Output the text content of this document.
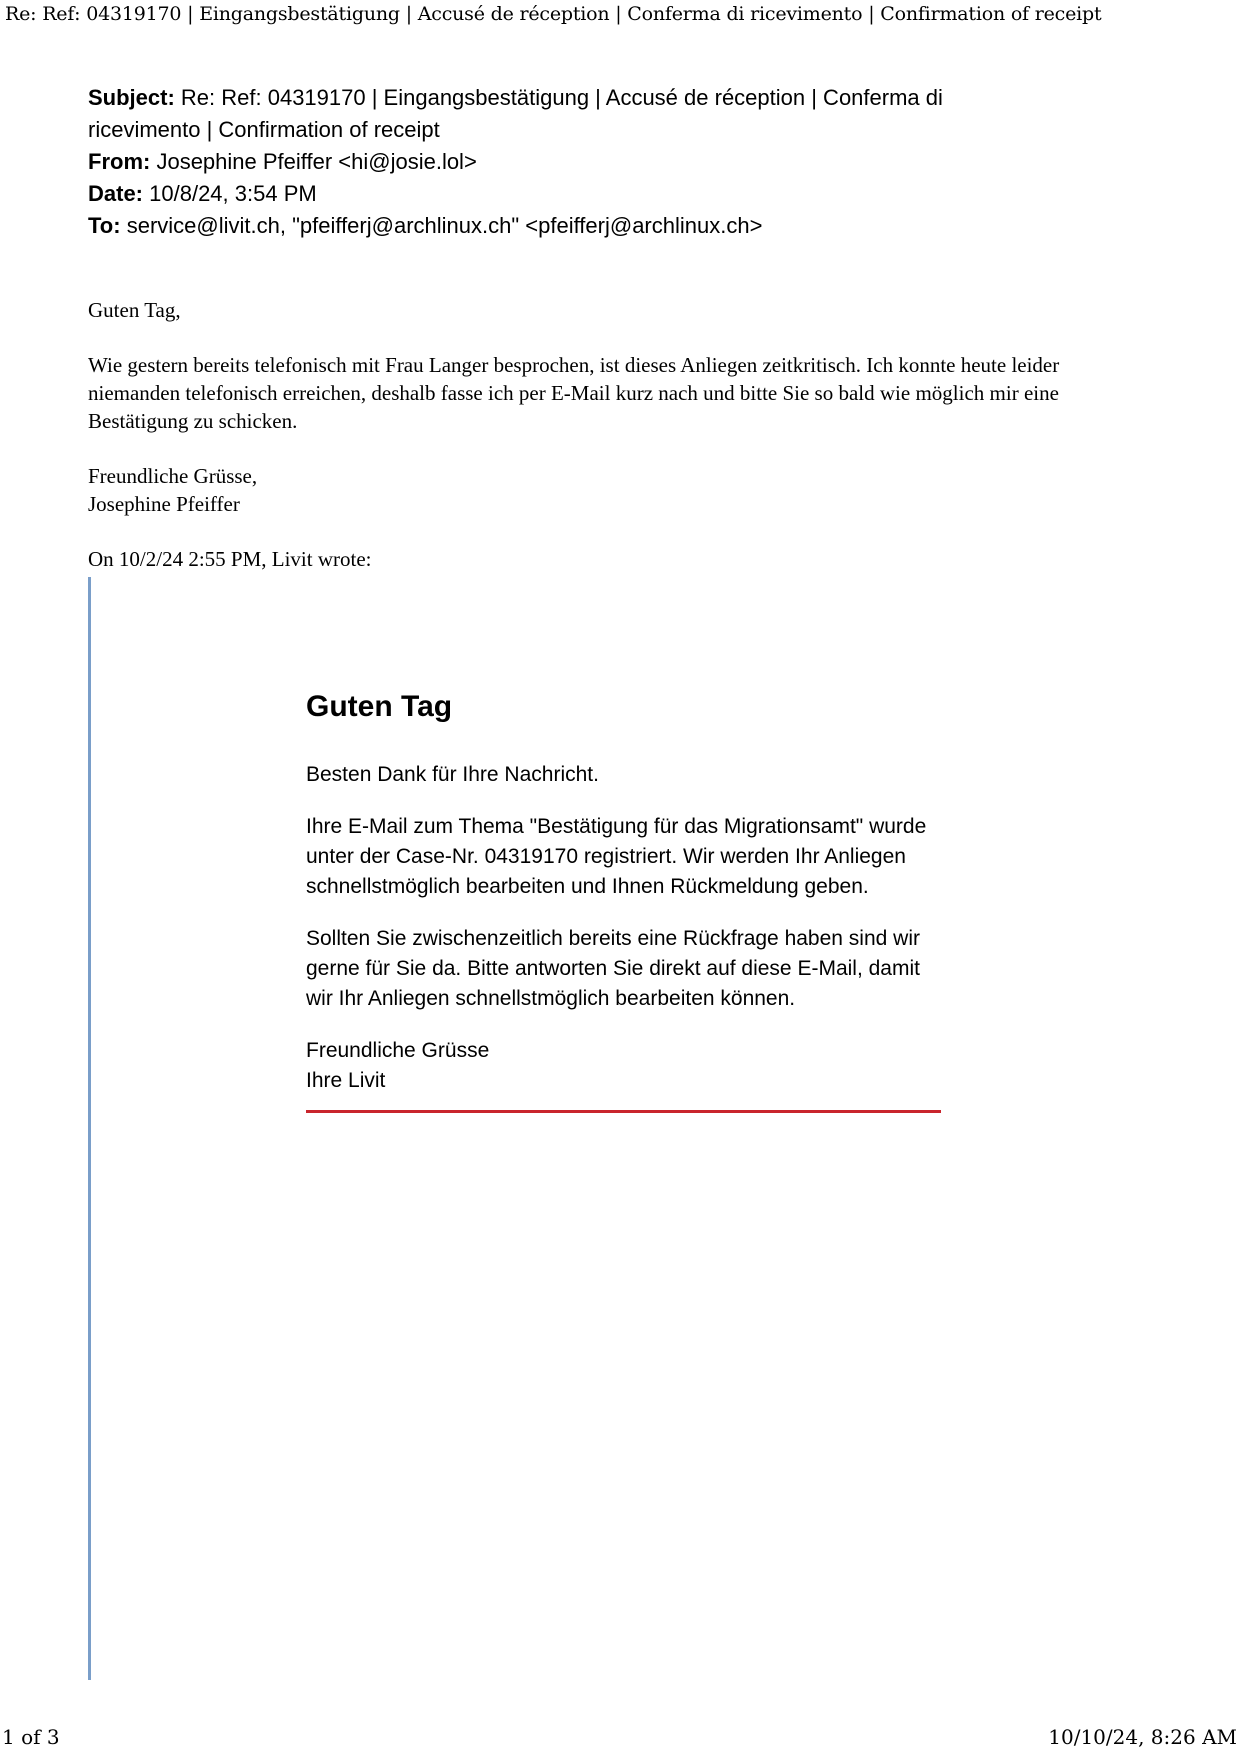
Re: Ref: 04319170 | Eingangsbestätigung | Accusé de réception | Conferma di ricevimento | Confirmation of receipt

Subject: Re: Ref: 04319170 | Eingangsbestätigung | Accusé de réception | Conferma di ricevimento | Confirmation of receipt

From: Josephine Pfeiffer <hi@josie.lol>

Date: 10/8/24, 3:54 PM

To: service@livit.ch, "pfeifferj@archlinux.ch" <pfeifferj@archlinux.ch>

Guten Tag,

Wie gestern bereits telefonisch mit Frau Langer besprochen, ist dieses Anliegen zeitkritisch. Ich konnte heute leider niemanden telefonisch erreichen, deshalb fasse ich per E-Mail kurz nach und bitte Sie so bald wie möglich mir eine Bestätigung zu schicken.

Freundliche Grüsse,

Josephine Pfeiffer

On 10/2/24 2:55 PM, Livit wrote:

Guten Tag

Besten Dank für Ihre Nachricht.

Ihre E-Mail zum Thema "Bestätigung für das Migrationsamt" wurde unter der Case-Nr. 04319170 registriert. Wir werden Ihr Anliegen schnellstmöglich bearbeiten und Ihnen Rückmeldung geben.

Sollten Sie zwischenzeitlich bereits eine Rückfrage haben sind wir gerne für Sie da. Bitte antworten Sie direkt auf diese E-Mail, damit wir Ihr Anliegen schnellstmöglich bearbeiten können.

Freundliche Grüsse

Ihre Livit

1 of 3	10/10/24, 8:26 AM
